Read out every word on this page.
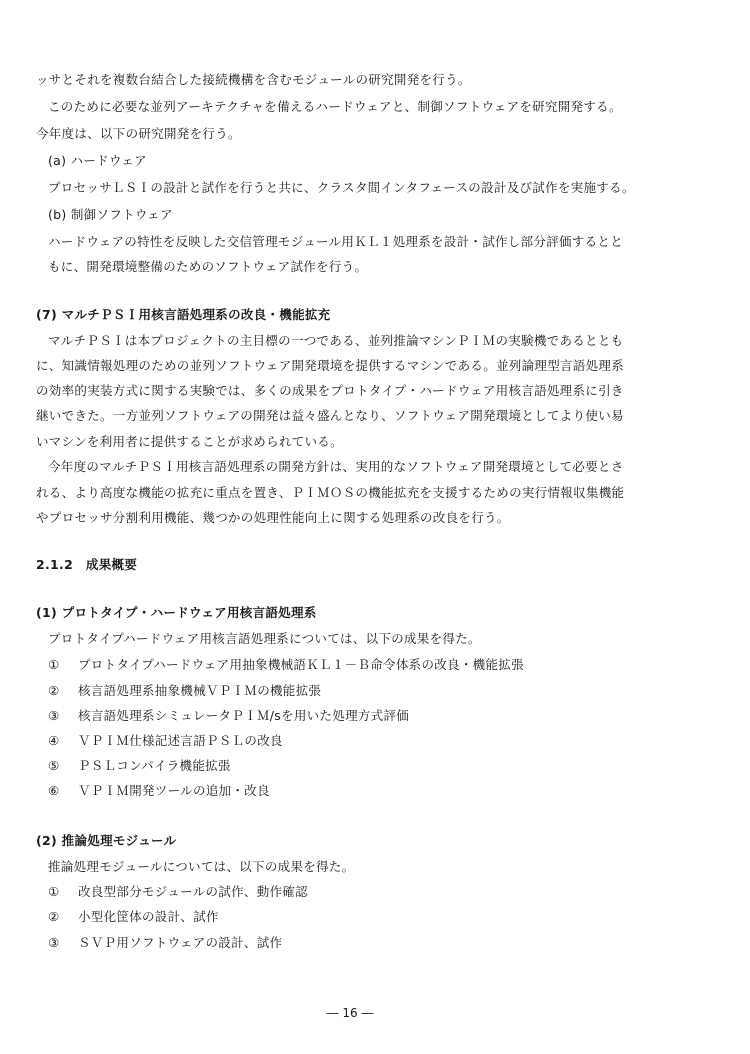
ッサとそれを複数台結合した接続機構を含むモジュールの研究開発を行う。
このために必要な並列アーキテクチャを備えるハードウェアと、制御ソフトウェアを研究開発する。
今年度は、以下の研究開発を行う。
(a) ハードウェア
プロセッサＬＳＩの設計と試作を行うと共に、クラスタ間インタフェースの設計及び試作を実施する。
(b) 制御ソフトウェア
ハードウェアの特性を反映した交信管理モジュール用ＫＬ１処理系を設計・試作し部分評価するとと
もに、開発環境整備のためのソフトウェア試作を行う。
(7) マルチＰＳＩ用核言語処理系の改良・機能拡充
マルチＰＳＩは本プロジェクトの主目標の一つである、並列推論マシンＰＩＭの実験機であるととも
に、知識情報処理のための並列ソフトウェア開発環境を提供するマシンである。並列論理型言語処理系
の効率的実装方式に関する実験では、多くの成果をプロトタイプ・ハードウェア用核言語処理系に引き
継いできた。一方並列ソフトウェアの開発は益々盛んとなり、ソフトウェア開発環境としてより使い易
いマシンを利用者に提供することが求められている。
今年度のマルチＰＳＩ用核言語処理系の開発方針は、実用的なソフトウェア開発環境として必要とさ
れる、より高度な機能の拡充に重点を置き、ＰＩＭＯＳの機能拡充を支援するための実行情報収集機能
やプロセッサ分割利用機能、幾つかの処理性能向上に関する処理系の改良を行う。
2.1.2　成果概要
(1) プロトタイプ・ハードウェア用核言語処理系
プロトタイプハードウェア用核言語処理系については、以下の成果を得た。
① プロトタイプハードウェア用抽象機械語ＫＬ１－Ｂ命令体系の改良・機能拡張
② 核言語処理系抽象機械ＶＰＩＭの機能拡張
③ 核言語処理系シミュレータＰＩＭ/sを用いた処理方式評価
④ ＶＰＩＭ仕様記述言語ＰＳＬの改良
⑤ ＰＳＬコンパイラ機能拡張
⑥ ＶＰＩＭ開発ツールの追加・改良
(2) 推論処理モジュール
推論処理モジュールについては、以下の成果を得た。
① 改良型部分モジュールの試作、動作確認
② 小型化筐体の設計、試作
③ ＳＶＰ用ソフトウェアの設計、試作
― 16 ―
